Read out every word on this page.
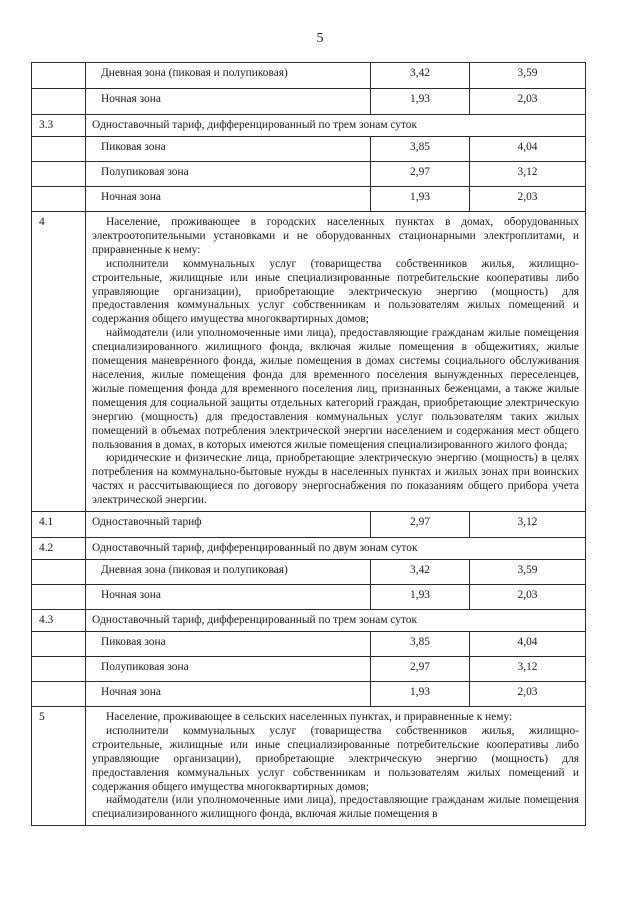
5
	Дневная зона (пиковая и полупиковая)	3,42	3,59
	Ночная зона	1,93	2,03
3.3	Одноставочный тариф, дифференцированный по трем зонам суток		
	Пиковая зона	3,85	4,04
	Полупиковая зона	2,97	3,12
	Ночная зона	1,93	2,03
4	Население, проживающее в городских населенных пунктах в домах, оборудованных электроотопительными установками и не оборудованных стационарными электроплитами, и приравненные к нему:

исполнители коммунальных услуг (товарищества собственников жилья, жилищно-строительные, жилищные или иные специализированные потребительские кооперативы либо управляющие организации), приобретающие электрическую энергию (мощность) для предоставления коммунальных услуг собственникам и пользователям жилых помещений и содержания общего имущества многоквартирных домов;

наймодатели (или уполномоченные ими лица), предоставляющие гражданам жилые помещения специализированного жилищного фонда, включая жилые помещения в общежитиях, жилые помещения маневренного фонда, жилые помещения в домах системы социального обслуживания населения, жилые помещения фонда для временного поселения вынужденных переселенцев, жилые помещения фонда для временного поселения лиц, признанных беженцами, а также жилые помещения для социальной защиты отдельных категорий граждан, приобретающие электрическую энергию (мощность) для предоставления коммунальных услуг пользователям таких жилых помещений в объемах потребления электрической энергии населением и содержания мест общего пользования в домах, в которых имеются жилые помещения специализированного жилого фонда;

юридические и физические лица, приобретающие электрическую энергию (мощность) в целях потребления на коммунально-бытовые нужды в населенных пунктах и жилых зонах при воинских частях и рассчитывающиеся по договору энергоснабжения по показаниям общего прибора учета электрической энергии.		

4.1	Одноставочный тариф	2,97	3,12
4.2	Одноставочный тариф, дифференцированный по двум зонам суток		
	Дневная зона (пиковая и полупиковая)	3,42	3,59
	Ночная зона	1,93	2,03
4.3	Одноставочный тариф, дифференцированный по трем зонам суток		
	Пиковая зона	3,85	4,04
	Полупиковая зона	2,97	3,12
	Ночная зона	1,93	2,03
5	Население, проживающее в сельских населенных пунктах, и приравненные к нему:

исполнители коммунальных услуг (товарищества собственников жилья, жилищно-строительные, жилищные или иные специализированные потребительские кооперативы либо управляющие организации), приобретающие электрическую энергию (мощность) для предоставления коммунальных услуг собственникам и пользователям жилых помещений и содержания общего имущества многоквартирных домов;

наймодатели (или уполномоченные ими лица), предоставляющие гражданам жилые помещения специализированного жилищного фонда, включая жилые помещения в		
